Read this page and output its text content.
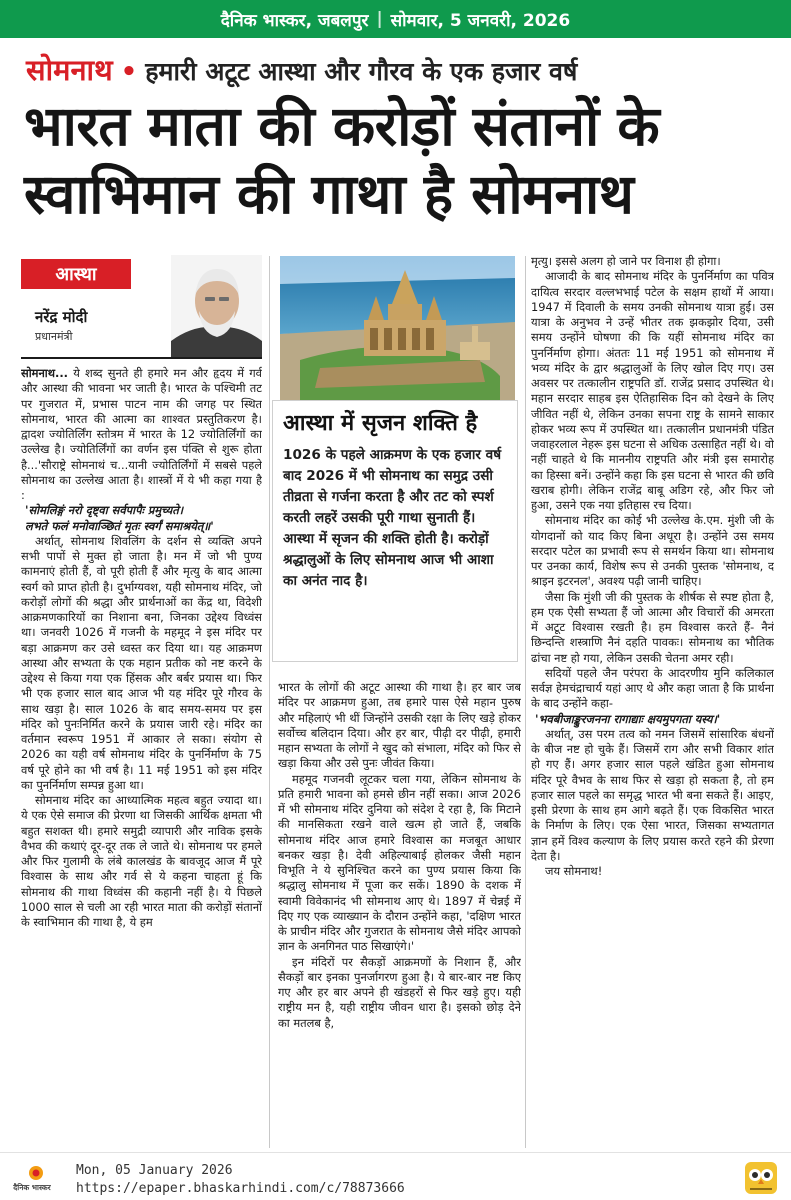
दैनिक भास्कर, जबलपुर | सोमवार, 5 जनवरी, 2026
सोमनाथ • हमारी अटूट आस्था और गौरव के एक हजार वर्ष
भारत माता की करोड़ों संतानों के
स्वाभिमान की गाथा है सोमनाथ
आस्था
नरेंद्र मोदी
प्रधानमंत्री

सोमनाथ... ये शब्द सुनते ही हमारे मन और हृदय में गर्व और आस्था की भावना भर जाती है। भारत के पश्चिमी तट पर गुजरात में, प्रभास पाटन नाम की जगह पर स्थित सोमनाथ, भारत की आत्मा का शाश्वत प्रस्तुतिकरण है। द्वादश ज्योतिर्लिंग स्तोत्रम में भारत के 12 ज्योतिर्लिंगों का उल्लेख है। ज्योतिर्लिंगों का वर्णन इस पंक्ति से शुरू होता है...'सौराष्ट्रे सोमनाथं च...यानी ज्योतिर्लिंगों में सबसे पहले सोमनाथ का उल्लेख आता है। शास्त्रों में ये भी कहा गया है :

'सोमलिङ्गं नरो दृष्ट्वा सर्वपापैः प्रमुच्यते।

लभते फलं मनोवाञ्छितं मृतः स्वर्गं समाश्रयेत्॥'

अर्थात्, सोमनाथ शिवलिंग के दर्शन से व्यक्ति अपने सभी पापों से मुक्त हो जाता है। मन में जो भी पुण्य कामनाएं होती हैं, वो पूरी होती हैं और मृत्यु के बाद आत्मा स्वर्ग को प्राप्त होती है। दुर्भाग्यवश, यही सोमनाथ मंदिर, जो करोड़ों लोगों की श्रद्धा और प्रार्थनाओं का केंद्र था, विदेशी आक्रमणकारियों का निशाना बना, जिनका उद्देश्य विध्वंस था। जनवरी 1026 में गजनी के महमूद ने इस मंदिर पर बड़ा आक्रमण कर उसे ध्वस्त कर दिया था। यह आक्रमण आस्था और सभ्यता के एक महान प्रतीक को नष्ट करने के उद्देश्य से किया गया एक हिंसक और बर्बर प्रयास था। फिर भी एक हजार साल बाद आज भी यह मंदिर पूरे गौरव के साथ खड़ा है। साल 1026 के बाद समय-समय पर इस मंदिर को पुनःनिर्मित करने के प्रयास जारी रहे। मंदिर का वर्तमान स्वरूप 1951 में आकार ले सका। संयोग से 2026 का यही वर्ष सोमनाथ मंदिर के पुनर्निर्माण के 75 वर्ष पूरे होने का भी वर्ष है। 11 मई 1951 को इस मंदिर का पुनर्निर्माण सम्पन्न हुआ था।

सोमनाथ मंदिर का आध्यात्मिक महत्व बहुत ज्यादा था। ये एक ऐसे समाज की प्रेरणा था जिसकी आर्थिक क्षमता भी बहुत सशक्त थी। हमारे समुद्री व्यापारी और नाविक इसके वैभव की कथाएं दूर-दूर तक ले जाते थे। सोमनाथ पर हमले और फिर गुलामी के लंबे कालखंड के बावजूद आज मैं पूरे विश्वास के साथ और गर्व से ये कहना चाहता हूं कि सोमनाथ की गाथा विध्वंस की कहानी नहीं है। ये पिछले 1000 साल से चली आ रही भारत माता की करोड़ों संतानों के स्वाभिमान की गाथा है, ये हम

आस्था में सृजन शक्ति है
1026 के पहले आक्रमण के एक हजार वर्ष बाद 2026 में भी सोमनाथ का समुद्र उसी तीव्रता से गर्जना करता है और तट को स्पर्श करती लहरें उसकी पूरी गाथा सुनाती हैं। आस्था में सृजन की शक्ति होती है। करोड़ों श्रद्धालुओं के लिए सोमनाथ आज भी आशा का अनंत नाद है।

भारत के लोगों की अटूट आस्था की गाथा है। हर बार जब मंदिर पर आक्रमण हुआ, तब हमारे पास ऐसे महान पुरुष और महिलाएं भी थीं जिन्होंने उसकी रक्षा के लिए खड़े होकर सर्वोच्च बलिदान दिया। और हर बार, पीढ़ी दर पीढ़ी, हमारी महान सभ्यता के लोगों ने खुद को संभाला, मंदिर को फिर से खड़ा किया और उसे पुनः जीवंत किया।

महमूद गजनवी लूटकर चला गया, लेकिन सोमनाथ के प्रति हमारी भावना को हमसे छीन नहीं सका। आज 2026 में भी सोमनाथ मंदिर दुनिया को संदेश दे रहा है, कि मिटाने की मानसिकता रखने वाले खत्म हो जाते हैं, जबकि सोमनाथ मंदिर आज हमारे विश्वास का मजबूत आधार बनकर खड़ा है। देवी अहिल्याबाई होलकर जैसी महान विभूति ने ये सुनिश्चित करने का पुण्य प्रयास किया कि श्रद्धालु सोमनाथ में पूजा कर सकें। 1890 के दशक में स्वामी विवेकानंद भी सोमनाथ आए थे। 1897 में चेन्नई में दिए गए एक व्याख्यान के दौरान उन्होंने कहा, 'दक्षिण भारत के प्राचीन मंदिर और गुजरात के सोमनाथ जैसे मंदिर आपको ज्ञान के अनगिनत पाठ सिखाएंगे।'

इन मंदिरों पर सैकड़ों आक्रमणों के निशान हैं, और सैकड़ों बार इनका पुनर्जागरण हुआ है। ये बार-बार नष्ट किए गए और हर बार अपने ही खंडहरों से फिर खड़े हुए। यही राष्ट्रीय मन है, यही राष्ट्रीय जीवन धारा है। इसको छोड़ देने का मतलब है,

मृत्यु। इससे अलग हो जाने पर विनाश ही होगा।

आजादी के बाद सोमनाथ मंदिर के पुनर्निर्माण का पवित्र दायित्व सरदार वल्लभभाई पटेल के सक्षम हाथों में आया। 1947 में दिवाली के समय उनकी सोमनाथ यात्रा हुई। उस यात्रा के अनुभव ने उन्हें भीतर तक झकझोर दिया, उसी समय उन्होंने घोषणा की कि यहीं सोमनाथ मंदिर का पुनर्निर्माण होगा। अंततः 11 मई 1951 को सोमनाथ में भव्य मंदिर के द्वार श्रद्धालुओं के लिए खोल दिए गए। उस अवसर पर तत्कालीन राष्ट्रपति डॉ. राजेंद्र प्रसाद उपस्थित थे। महान सरदार साहब इस ऐतिहासिक दिन को देखने के लिए जीवित नहीं थे, लेकिन उनका सपना राष्ट्र के सामने साकार होकर भव्य रूप में उपस्थित था। तत्कालीन प्रधानमंत्री पंडित जवाहरलाल नेहरू इस घटना से अधिक उत्साहित नहीं थे। वो नहीं चाहते थे कि माननीय राष्ट्रपति और मंत्री इस समारोह का हिस्सा बनें। उन्होंने कहा कि इस घटना से भारत की छवि खराब होगी। लेकिन राजेंद्र बाबू अडिग रहे, और फिर जो हुआ, उसने एक नया इतिहास रच दिया।

सोमनाथ मंदिर का कोई भी उल्लेख के.एम. मुंशी जी के योगदानों को याद किए बिना अधूरा है। उन्होंने उस समय सरदार पटेल का प्रभावी रूप से समर्थन किया था। सोमनाथ पर उनका कार्य, विशेष रूप से उनकी पुस्तक 'सोमनाथ, द श्राइन इटरनल', अवश्य पढ़ी जानी चाहिए।

जैसा कि मुंशी जी की पुस्तक के शीर्षक से स्पष्ट होता है, हम एक ऐसी सभ्यता हैं जो आत्मा और विचारों की अमरता में अटूट विश्वास रखती है। हम विश्वास करते हैं- नैनं छिन्दन्ति शस्त्राणि नैनं दहति पावकः। सोमनाथ का भौतिक ढांचा नष्ट हो गया, लेकिन उसकी चेतना अमर रही।

सदियों पहले जैन परंपरा के आदरणीय मुनि कलिकाल सर्वज्ञ हेमचंद्राचार्य यहां आए थे और कहा जाता है कि प्रार्थना के बाद उन्होंने कहा-

'भवबीजाङ्कुरजनना रागाद्याः क्षयमुपगता यस्य।'

अर्थात्, उस परम तत्व को नमन जिसमें सांसारिक बंधनों के बीज नष्ट हो चुके हैं। जिसमें राग और सभी विकार शांत हो गए हैं। अगर हजार साल पहले खंडित हुआ सोमनाथ मंदिर पूरे वैभव के साथ फिर से खड़ा हो सकता है, तो हम हजार साल पहले का समृद्ध भारत भी बना सकते हैं। आइए, इसी प्रेरणा के साथ हम आगे बढ़ते हैं। एक विकसित भारत के निर्माण के लिए। एक ऐसा भारत, जिसका सभ्यतागत ज्ञान हमें विश्व कल्याण के लिए प्रयास करते रहने की प्रेरणा देता है।

जय सोमनाथ!

दैनिक भास्कर
Mon, 05 January 2026
https://epaper.bhaskarhindi.com/c/78873666
